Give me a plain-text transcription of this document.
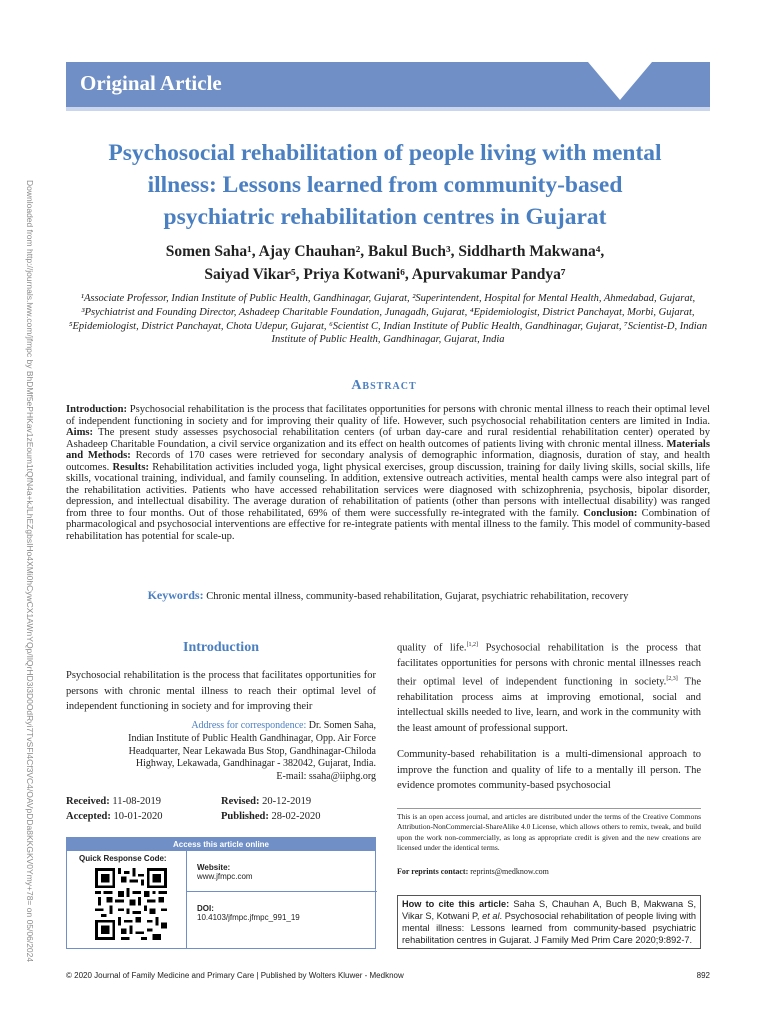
Original Article
Downloaded from http://journals.lww.com/jfmpc by BhDMf5ePHKav1zEoum1tQfN4a+kJLhEZgbsIHo4XMi0hCywCX1AWnYQp/IlQrHD3i3D0OdRyi7TvSFl4Cf3VC4/OAVpDDa8KKGKV0Ymy+78= on 05/06/2024
Psychosocial rehabilitation of people living with mental illness: Lessons learned from community-based psychiatric rehabilitation centres in Gujarat
Somen Saha¹, Ajay Chauhan², Bakul Buch³, Siddharth Makwana⁴,
Saiyad Vikar⁵, Priya Kotwani⁶, Apurvakumar Pandya⁷
¹Associate Professor, Indian Institute of Public Health, Gandhinagar, Gujarat, ²Superintendent, Hospital for Mental Health, Ahmedabad, Gujarat, ³Psychiatrist and Founding Director, Ashadeep Charitable Foundation, Junagadh, Gujarat, ⁴Epidemiologist, District Panchayat, Morbi, Gujarat, ⁵Epidemiologist, District Panchayat, Chota Udepur, Gujarat, ⁶Scientist C, Indian Institute of Public Health, Gandhinagar, Gujarat, ⁷Scientist-D, Indian Institute of Public Health, Gandhinagar, Gujarat, India
Abstract
Introduction: Psychosocial rehabilitation is the process that facilitates opportunities for persons with chronic mental illness to reach their optimal level of independent functioning in society and for improving their quality of life. However, such psychosocial rehabilitation centers are limited in India. Aims: The present study assesses psychosocial rehabilitation centers (of urban day-care and rural residential rehabilitation center) operated by Ashadeep Charitable Foundation, a civil service organization and its effect on health outcomes of patients living with chronic mental illness. Materials and Methods: Records of 170 cases were retrieved for secondary analysis of demographic information, diagnosis, duration of stay, and health outcomes. Results: Rehabilitation activities included yoga, light physical exercises, group discussion, training for daily living skills, social skills, life skills, vocational training, individual, and family counseling. In addition, extensive outreach activities, mental health camps were also integral part of the rehabilitation activities. Patients who have accessed rehabilitation services were diagnosed with schizophrenia, psychosis, bipolar disorder, depression, and intellectual disability. The average duration of rehabilitation of patients (other than persons with intellectual disability) was ranged from three to four months. Out of those rehabilitated, 69% of them were successfully re-integrated with the family. Conclusion: Combination of pharmacological and psychosocial interventions are effective for re-integrate patients with mental illness to the family. This model of community-based rehabilitation has potential for scale-up.
Keywords: Chronic mental illness, community-based rehabilitation, Gujarat, psychiatric rehabilitation, recovery
Introduction

Psychosocial rehabilitation is the process that facilitates opportunities for persons with chronic mental illness to reach their optimal level of independent functioning in society and for improving their

Address for correspondence: Dr. Somen Saha,
Indian Institute of Public Health Gandhinagar, Opp. Air Force
Headquarter, Near Lekawada Bus Stop, Gandhinagar-Chiloda
Highway, Lekawada, Gandhinagar - 382042, Gujarat, India.
E-mail: ssaha@iiphg.org
Received: 11-08-2019	Revised: 20-12-2019
Accepted: 10-01-2020	Published: 28-02-2020
Access this article online
Quick Response Code:
Website:
www.jfmpc.com
DOI:
10.4103/jfmpc.jfmpc_991_19

quality of life.[1,2] Psychosocial rehabilitation is the process that facilitates opportunities for persons with chronic mental illnesses reach their optimal level of independent functioning in society.[2,3] The rehabilitation process aims at improving emotional, social and intellectual skills needed to live, learn, and work in the community with the least amount of professional support.

Community-based rehabilitation is a multi-dimensional approach to improve the function and quality of life to a mentally ill person. The evidence promotes community-based psychosocial

This is an open access journal, and articles are distributed under the terms of the Creative Commons Attribution-NonCommercial-ShareAlike 4.0 License, which allows others to remix, tweak, and build upon the work non-commercially, as long as appropriate credit is given and the new creations are licensed under the identical terms.
For reprints contact: reprints@medknow.com
How to cite this article: Saha S, Chauhan A, Buch B, Makwana S, Vikar S, Kotwani P, et al. Psychosocial rehabilitation of people living with mental illness: Lessons learned from community-based psychiatric rehabilitation centres in Gujarat. J Family Med Prim Care 2020;9:892-7.
© 2020 Journal of Family Medicine and Primary Care | Published by Wolters Kluwer - Medknow	892
